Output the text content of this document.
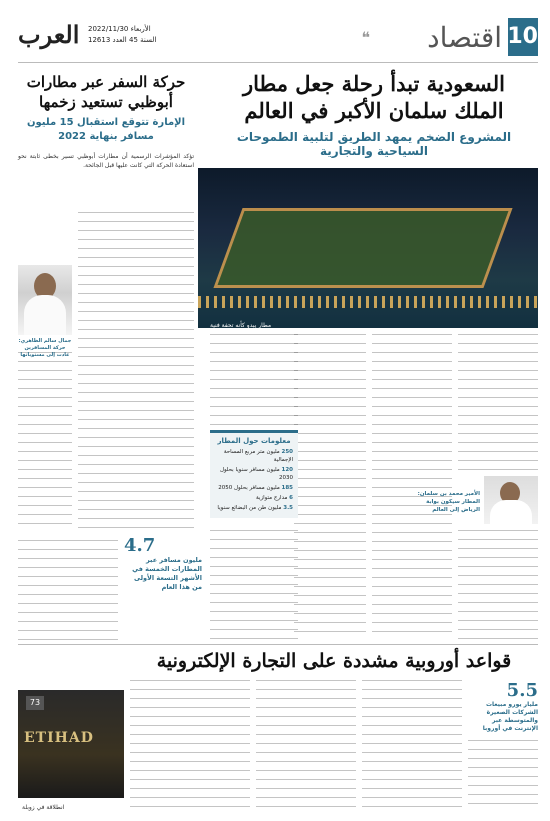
10
اقتصاد
❝
الأربعاء 2022/11/30
السنة 45 العدد 12613
العرب
السعودية تبدأ رحلة جعل مطار
الملك سلمان الأكبر في العالم
المشروع الضخم يمهد الطريق لتلبية الطموحات السياحية والتجارية
مطار يبدو كأنه تحفة فنية
الأمير محمد بن سلمان: المطار سيكون بوابة الرياض إلى العالم
معلومات حول المطار
250 مليون متر مربع المساحة الإجمالية
120 مليون مسافر سنويا بحلول 2030
185 مليون مسافر بحلول 2050
6 مدارج متوازية
3.5 مليون طن من البضائع سنويا
حركة السفر عبر مطارات
أبوظبي تستعيد زخمها
الإمارة تتوقع استقبال 15 مليون
مسافر بنهاية 2022
تؤكد المؤشرات الرسمية أن مطارات أبوظبي تسير بخطى ثابتة نحو استعادة الحركة التي كانت عليها قبل الجائحة.
جمال سالم الظاهري: حركة المسافرين عادت إلى مستوياتها
4.7
مليون مسافر عبر المطارات الخمسة في الأشهر التسعة الأولى من هذا العام
قواعد أوروبية مشددة على التجارة الإلكترونية
5.5
مليار يورو مبيعات الشركات الصغيرة والمتوسطة عبر الإنترنت في أوروبا
73
ETIHAD
انطلاقة في زوبلة
